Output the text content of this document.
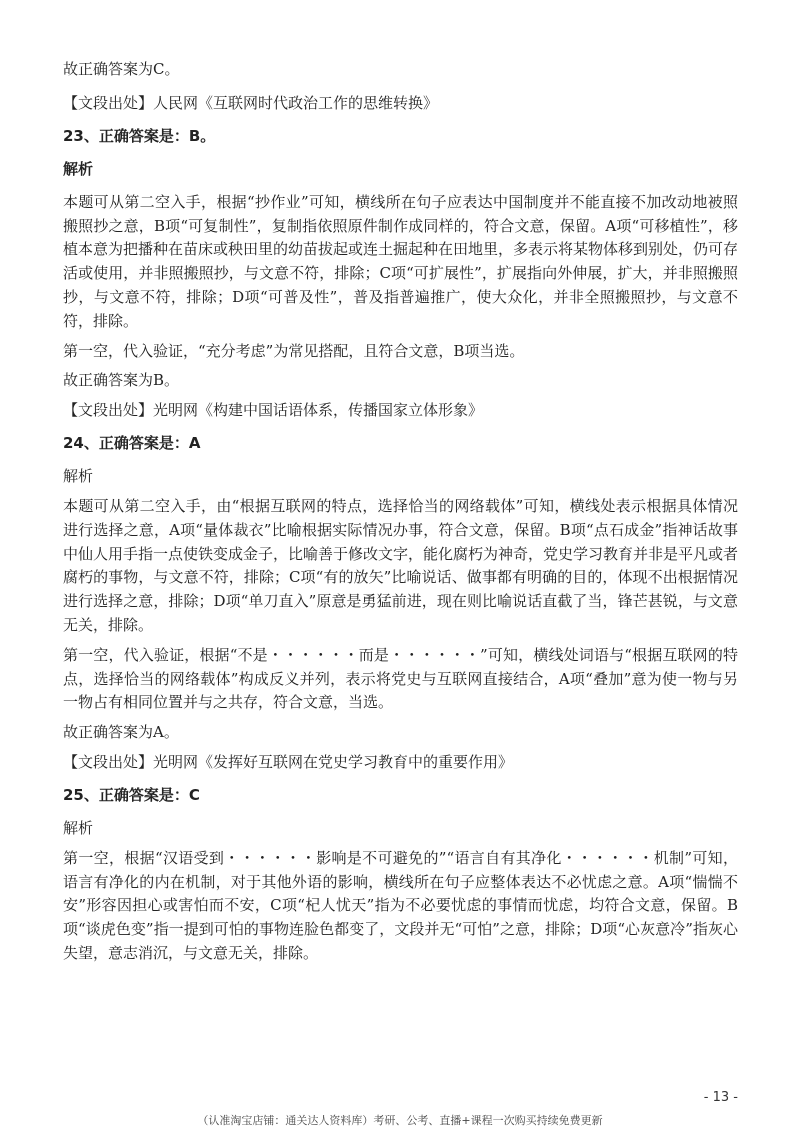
故正确答案为C。

【文段出处】人民网《互联网时代政治工作的思维转换》

23、正确答案是：B。

解析

本题可从第二空入手，根据“抄作业”可知，横线所在句子应表达中国制度并不能直接不加改动地被照搬照抄之意，B项“可复制性”，复制指依照原件制作成同样的，符合文意，保留。A项“可移植性”，移植本意为把播种在苗床或秧田里的幼苗拔起或连土掘起种在田地里，多表示将某物体移到别处，仍可存活或使用，并非照搬照抄，与文意不符，排除；C项“可扩展性”，扩展指向外伸展，扩大，并非照搬照抄，与文意不符，排除；D项“可普及性”，普及指普遍推广，使大众化，并非全照搬照抄，与文意不符，排除。

第一空，代入验证，“充分考虑”为常见搭配，且符合文意，B项当选。

故正确答案为B。

【文段出处】光明网《构建中国话语体系，传播国家立体形象》

24、正确答案是：A

解析

本题可从第二空入手，由“根据互联网的特点，选择恰当的网络载体”可知，横线处表示根据具体情况进行选择之意，A项“量体裁衣”比喻根据实际情况办事，符合文意，保留。B项“点石成金”指神话故事中仙人用手指一点使铁变成金子，比喻善于修改文字，能化腐朽为神奇，党史学习教育并非是平凡或者腐朽的事物，与文意不符，排除；C项“有的放矢”比喻说话、做事都有明确的目的，体现不出根据情况进行选择之意，排除；D项“单刀直入”原意是勇猛前进，现在则比喻说话直截了当，锋芒甚锐，与文意无关，排除。

第一空，代入验证，根据“不是・・・・・・而是・・・・・・”可知，横线处词语与“根据互联网的特点，选择恰当的网络载体”构成反义并列，表示将党史与互联网直接结合，A项“叠加”意为使一物与另一物占有相同位置并与之共存，符合文意，当选。

故正确答案为A。

【文段出处】光明网《发挥好互联网在党史学习教育中的重要作用》

25、正确答案是：C

解析

第一空，根据“汉语受到・・・・・・影响是不可避免的”“语言自有其净化・・・・・・机制”可知，语言有净化的内在机制，对于其他外语的影响，横线所在句子应整体表达不必忧虑之意。A项“惴惴不安”形容因担心或害怕而不安，C项“杞人忧天”指为不必要忧虑的事情而忧虑，均符合文意，保留。B项“谈虎色变”指一提到可怕的事物连脸色都变了，文段并无“可怕”之意，排除；D项“心灰意冷”指灰心失望，意志消沉，与文意无关，排除。

- 13 -
（认准淘宝店铺：通关达人资料库）考研、公考、直播+课程一次购买持续免费更新
